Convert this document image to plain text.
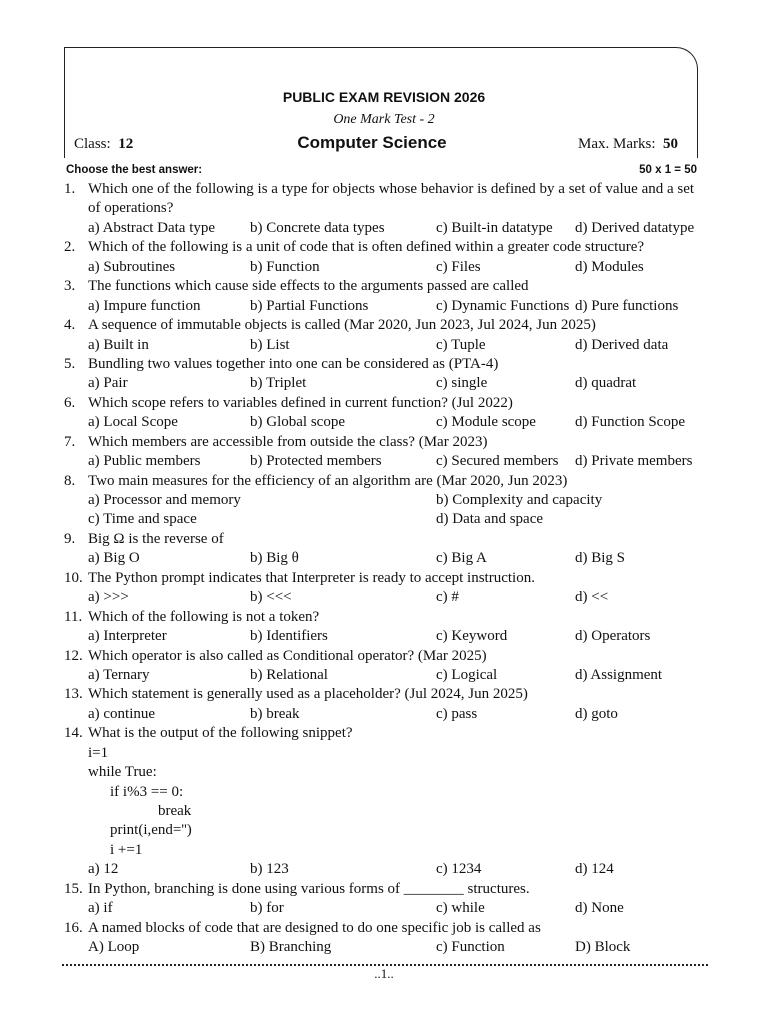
PUBLIC EXAM REVISION 2026
One Mark Test - 2
Class: 12	Computer Science	Max. Marks: 50
Choose the best answer:	50 x 1 = 50
1. Which one of the following is a type for objects whose behavior is defined by a set of value and a set
of operations?
a) Abstract Data type b) Concrete data types	c) Built-in datatype d) Derived datatype
2. Which of the following is a unit of code that is often defined within a greater code structure?
a) Subroutines	b) Function	c) Files	d) Modules
3. The functions which cause side effects to the arguments passed are called
a) Impure function	b) Partial Functions	c) Dynamic Functions d) Pure functions
4. A sequence of immutable objects is called (Mar 2020, Jun 2023, Jul 2024, Jun 2025)
a) Built in	b) List	c) Tuple	d) Derived data
5. Bundling two values together into one can be considered as (PTA-4)
a) Pair	b) Triplet	c) single	d) quadrat
6. Which scope refers to variables defined in current function? (Jul 2022)
a) Local Scope	b) Global scope	c) Module scope	d) Function Scope
7. Which members are accessible from outside the class? (Mar 2023)
a) Public members	b) Protected members	c) Secured members d) Private members
8. Two main measures for the efficiency of an algorithm are (Mar 2020, Jun 2023)
a) Processor and memory	b) Complexity and capacity
c) Time and space	d) Data and space
9. Big Ω is the reverse of
a) Big O	b) Big θ	c) Big A	d) Big S
10. The Python prompt indicates that Interpreter is ready to accept instruction.
a) >>>	b) <<<	c) #	d) <<
11. Which of the following is not a token?
a) Interpreter	b) Identifiers	c) Keyword	d) Operators
12. Which operator is also called as Conditional operator? (Mar 2025)
a) Ternary	b) Relational	c) Logical	d) Assignment
13. Which statement is generally used as a placeholder? (Jul 2024, Jun 2025)
a) continue	b) break	c) pass	d) goto
14. What is the output of the following snippet?
i=1
while True:
if i%3 == 0:
break
print(i,end='')
i +=1
a) 12	b) 123	c) 1234	d) 124
15. In Python, branching is done using various forms of ________ structures.
a) if	b) for	c) while	d) None
16. A named blocks of code that are designed to do one specific job is called as
A) Loop	B) Branching	c) Function	D) Block
..1..
